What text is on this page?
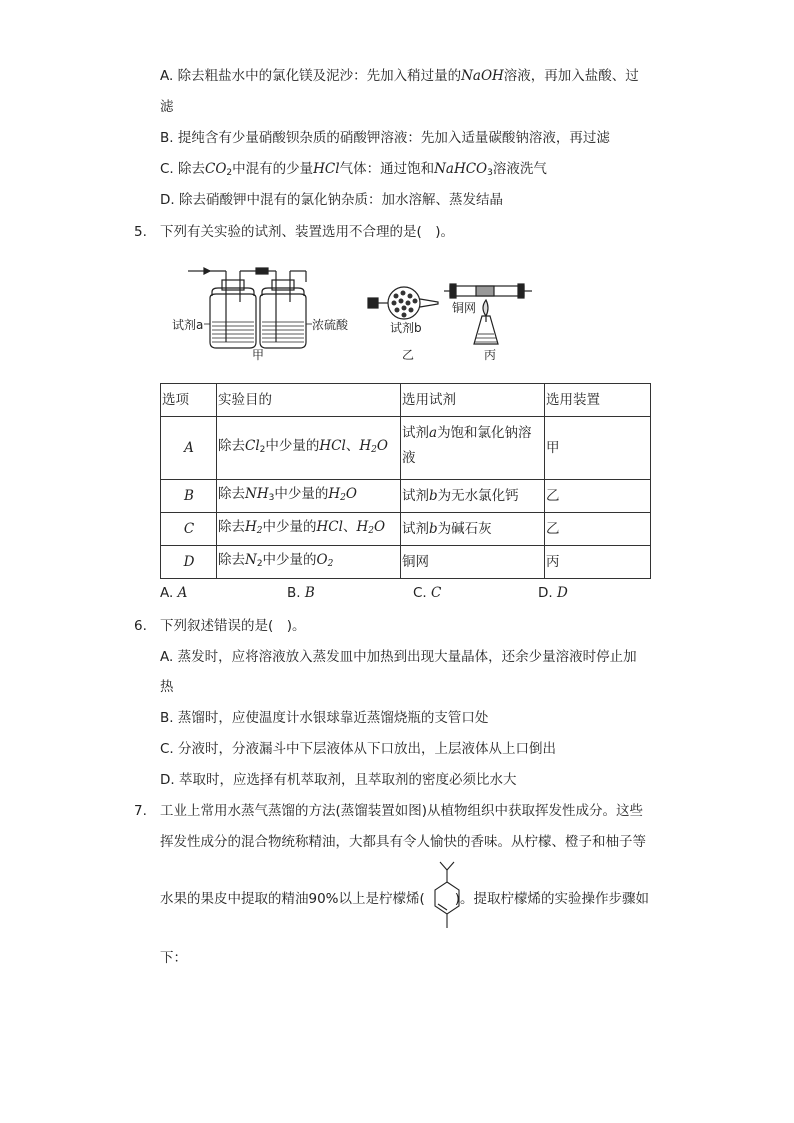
A. 除去粗盐水中的氯化镁及泥沙：先加入稍过量的NaOH溶液，再加入盐酸、过
滤
B. 提纯含有少量硝酸钡杂质的硝酸钾溶液：先加入适量碳酸钠溶液，再过滤
C. 除去$CO_2$中混有的少量HCl气体：通过饱和NaHCO$_3$溶液洗气
D. 除去硝酸钾中混有的氯化钠杂质：加水溶解、蒸发结晶
5. 下列有关实验的试剂、装置选用不合理的是(　)。
试剂a	浓硫酸
甲
试剂b
乙
铜网
丙
选项	实验目的	选用试剂	选用装置
A	除去$Cl_2$中少量的HCl、$H_2O$	试剂a为饱和氯化钠溶
液	甲
B	除去$NH_3$中少量的$H_2O$	试剂b为无水氯化钙	乙
C	除去$H_2$中少量的HCl、$H_2O$	试剂b为碱石灰	乙
D	除去$N_2$中少量的$O_2$	铜网	丙
A. A	B. B	C. C	D. D
6. 下列叙述错误的是(　)。
A. 蒸发时，应将溶液放入蒸发皿中加热到出现大量晶体，还余少量溶液时停止加
热
B. 蒸馏时，应使温度计水银球靠近蒸馏烧瓶的支管口处
C. 分液时，分液漏斗中下层液体从下口放出，上层液体从上口倒出
D. 萃取时，应选择有机萃取剂，且萃取剂的密度必须比水大
7. 工业上常用水蒸气蒸馏的方法(蒸馏装置如图)从植物组织中获取挥发性成分。这些
挥发性成分的混合物统称精油，大都具有令人愉快的香味。从柠檬、橙子和柚子等
水果的果皮中提取的精油90%以上是柠檬烯( )。提取柠檬烯的实验操作步骤如
下：
